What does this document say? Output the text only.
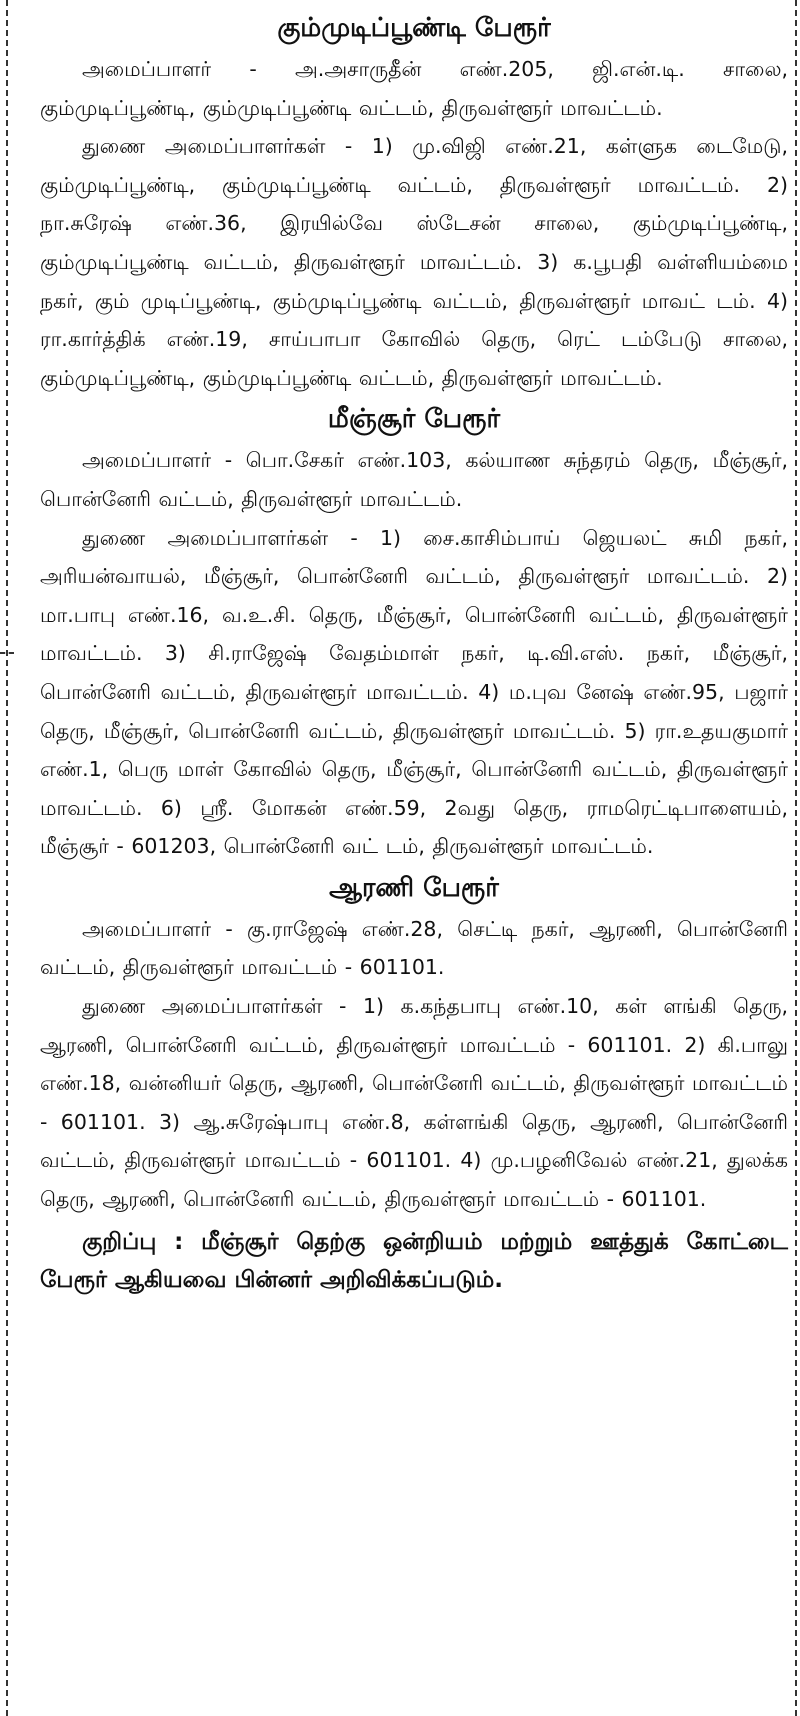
கும்முடிப்பூண்டி பேரூர்

அமைப்பாளர் - அ.அசாருதீன் எண்.205, ஜி.என்.டி. சாலை, கும்முடிப்பூண்டி, கும்முடிப்பூண்டி வட்டம், திருவள்ளூர் மாவட்டம்.

துணை அமைப்பாளர்கள் - 1) மு.விஜி எண்.21, கள்ளுக டைமேடு, கும்முடிப்பூண்டி, கும்முடிப்பூண்டி வட்டம், திருவள்ளூர் மாவட்டம். 2) நா.சுரேஷ் எண்.36, இரயில்வே ஸ்டேசன் சாலை, கும்முடிப்பூண்டி, கும்முடிப்பூண்டி வட்டம், திருவள்ளூர் மாவட்டம். 3) க.பூபதி வள்ளியம்மை நகர், கும் முடிப்பூண்டி, கும்முடிப்பூண்டி வட்டம், திருவள்ளூர் மாவட் டம். 4) ரா.கார்த்திக் எண்.19, சாய்பாபா கோவில் தெரு, ரெட் டம்பேடு சாலை, கும்முடிப்பூண்டி, கும்முடிப்பூண்டி வட்டம், திருவள்ளூர் மாவட்டம்.

மீஞ்சூர் பேரூர்

அமைப்பாளர் - பொ.சேகர் எண்.103, கல்யாண சுந்தரம் தெரு, மீஞ்சூர், பொன்னேரி வட்டம், திருவள்ளூர் மாவட்டம்.

துணை அமைப்பாளர்கள் - 1) சை.காசிம்பாய் ஜெயலட் சுமி நகர், அரியன்வாயல், மீஞ்சூர், பொன்னேரி வட்டம், திருவள்ளூர் மாவட்டம். 2) மா.பாபு எண்.16, வ.உ.சி. தெரு, மீஞ்சூர், பொன்னேரி வட்டம், திருவள்ளூர் மாவட்டம். 3) சி.ராஜேஷ் வேதம்மாள் நகர், டி.வி.எஸ். நகர், மீஞ்சூர், பொன்னேரி வட்டம், திருவள்ளூர் மாவட்டம். 4) ம.புவ னேஷ் எண்.95, பஜார் தெரு, மீஞ்சூர், பொன்னேரி வட்டம், திருவள்ளூர் மாவட்டம். 5) ரா.உதயகுமார் எண்.1, பெரு மாள் கோவில் தெரு, மீஞ்சூர், பொன்னேரி வட்டம், திருவள்ளூர் மாவட்டம். 6) ஸ்ரீ. மோகன் எண்.59, 2வது தெரு, ராமரெட்டிபாளையம், மீஞ்சூர் - 601203, பொன்னேரி வட் டம், திருவள்ளூர் மாவட்டம்.

ஆரணி பேரூர்

அமைப்பாளர் - கு.ராஜேஷ் எண்.28, செட்டி நகர், ஆரணி, பொன்னேரி வட்டம், திருவள்ளூர் மாவட்டம் - 601101.

துணை அமைப்பாளர்கள் - 1) க.கந்தபாபு எண்.10, கள் ளங்கி தெரு, ஆரணி, பொன்னேரி வட்டம், திருவள்ளூர் மாவட்டம் - 601101. 2) கி.பாலு எண்.18, வன்னியர் தெரு, ஆரணி, பொன்னேரி வட்டம், திருவள்ளூர் மாவட்டம் - 601101. 3) ஆ.சுரேஷ்பாபு எண்.8, கள்ளங்கி தெரு, ஆரணி, பொன்னேரி வட்டம், திருவள்ளூர் மாவட்டம் - 601101. 4) மு.பழனிவேல் எண்.21, துலக்க தெரு, ஆரணி, பொன்னேரி வட்டம், திருவள்ளூர் மாவட்டம் - 601101.

குறிப்பு : மீஞ்சூர் தெற்கு ஒன்றியம் மற்றும் ஊத்துக் கோட்டை பேரூர் ஆகியவை பின்னர் அறிவிக்கப்படும்.
